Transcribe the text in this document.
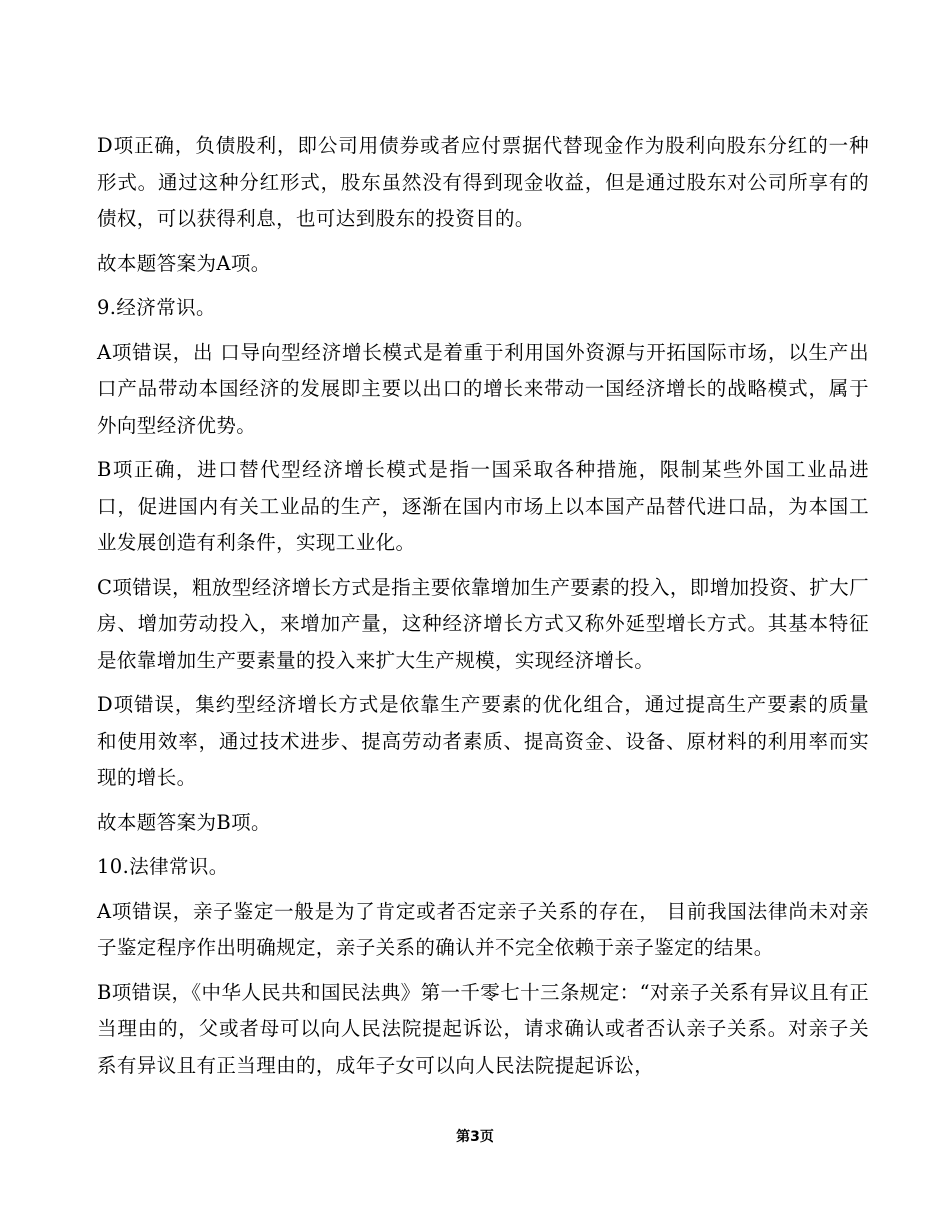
D项正确，负债股利，即公司用债券或者应付票据代替现金作为股利向股东分红的一种形式。通过这种分红形式，股东虽然没有得到现金收益，但是通过股东对公司所享有的债权，可以获得利息，也可达到股东的投资目的。

故本题答案为A项。

9.经济常识。

A项错误，出 口导向型经济增长模式是着重于利用国外资源与开拓国际市场，以生产出口产品带动本国经济的发展即主要以出口的增长来带动一国经济增长的战略模式，属于外向型经济优势。

B项正确，进口替代型经济增长模式是指一国采取各种措施，限制某些外国工业品进 口，促进国内有关工业品的生产，逐渐在国内市场上以本国产品替代进口品，为本国工业发展创造有利条件，实现工业化。

C项错误，粗放型经济增长方式是指主要依靠增加生产要素的投入，即增加投资、扩大厂房、增加劳动投入，来增加产量，这种经济增长方式又称外延型增长方式。其基本特征是依靠增加生产要素量的投入来扩大生产规模，实现经济增长。

D项错误，集约型经济增长方式是依靠生产要素的优化组合，通过提高生产要素的质量和使用效率，通过技术进步、提高劳动者素质、提高资金、设备、原材料的利用率而实现的增长。

故本题答案为B项。

10.法律常识。

A项错误，亲子鉴定一般是为了肯定或者否定亲子关系的存在， 目前我国法律尚未对亲子鉴定程序作出明确规定，亲子关系的确认并不完全依赖于亲子鉴定的结果。

B项错误，《中华人民共和国民法典》第一千零七十三条规定：“对亲子关系有异议且有正当理由的，父或者母可以向人民法院提起诉讼，请求确认或者否认亲子关系。对亲子关系有异议且有正当理由的，成年子女可以向人民法院提起诉讼，

第3页
